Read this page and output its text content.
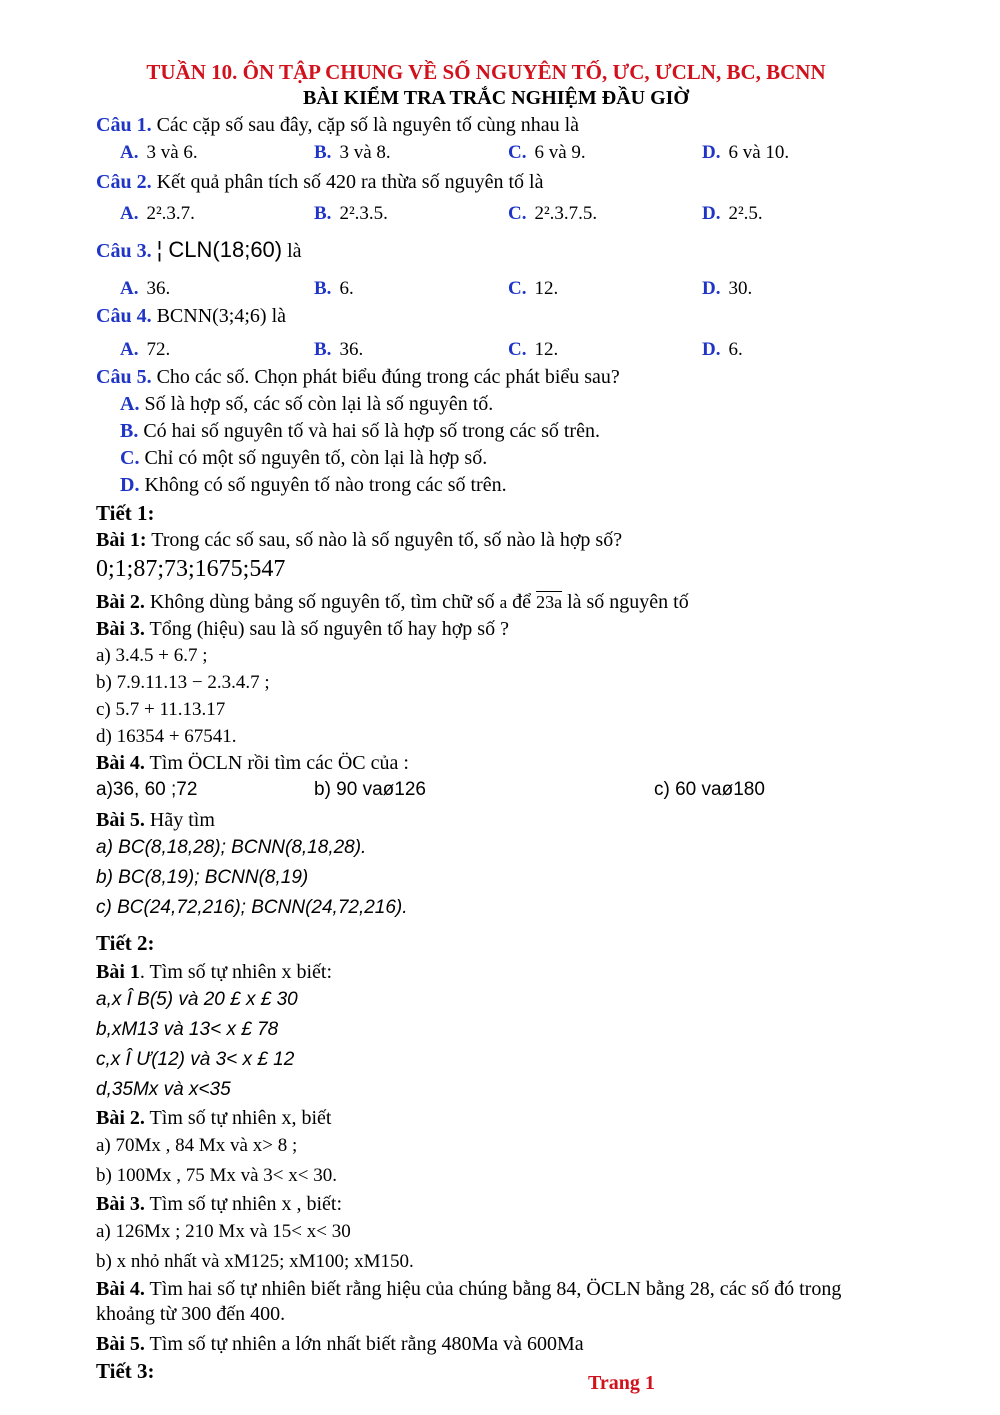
TUẦN 10. ÔN TẬP CHUNG VỀ SỐ NGUYÊN TỐ, ƯC, ƯCLN, BC, BCNN
BÀI KIỂM TRA TRẮC NGHIỆM ĐẦU GIỜ
Câu 1. Các cặp số sau đây, cặp số là nguyên tố cùng nhau là
A. 3 và 6.	B. 3 và 8.	C. 6 và 9.	D. 6 và 10.
Câu 2. Kết quả phân tích số 420 ra thừa số nguyên tố là
A. 2².3.7.	B. 2².3.5.	C. 2².3.7.5.	D. 2².5.
Câu 3. ¦ CLN(18;60) là
A. 36.	B. 6.	C. 12.	D. 30.
Câu 4. BCNN(3;4;6) là
A. 72.	B. 36.	C. 12.	D. 6.
Câu 5. Cho các số. Chọn phát biểu đúng trong các phát biểu sau?
A. Số là hợp số, các số còn lại là số nguyên tố.
B. Có hai số nguyên tố và hai số là hợp số trong các số trên.
C. Chỉ có một số nguyên tố, còn lại là hợp số.
D. Không có số nguyên tố nào trong các số trên.
Tiết 1:
Bài 1: Trong các số sau, số nào là số nguyên tố, số nào là hợp số?
0;1;87;73;1675;547
Bài 2. Không dùng bảng số nguyên tố, tìm chữ số a để 23a là số nguyên tố
Bài 3. Tổng (hiệu) sau là số nguyên tố hay hợp số ?
a) 3.4.5 + 6.7 ;
b) 7.9.11.13 − 2.3.4.7 ;
c) 5.7 + 11.13.17
d) 16354 + 67541.
Bài 4. Tìm ÖCLN rồi tìm các ÖC của :
a)36, 60 ;72	b) 90 vaø126	c) 60 vaø180
Bài 5. Hãy tìm
a) BC(8,18,28); BCNN(8,18,28).
b) BC(8,19); BCNN(8,19)
c) BC(24,72,216); BCNN(24,72,216).
Tiết 2:
Bài 1. Tìm số tự nhiên x biết:
a,x Î B(5) và 20 £ x £ 30
b,xM13 và 13< x £ 78
c,x Î Ư(12) và 3< x £ 12
d,35Mx và x<35
Bài 2. Tìm số tự nhiên x, biết
a) 70Mx , 84 Mx và x> 8 ;
b) 100Mx , 75 Mx và 3< x< 30.
Bài 3. Tìm số tự nhiên x , biết:
a) 126Mx ; 210 Mx và 15< x< 30
b) x nhỏ nhất và xM125; xM100; xM150.
Bài 4. Tìm hai số tự nhiên biết rằng hiệu của chúng bằng 84, ÖCLN bằng 28, các số đó trong khoảng từ 300 đến 400.
Bài 5. Tìm số tự nhiên a lớn nhất biết rằng 480Ma và 600Ma
Tiết 3:	Trang 1
